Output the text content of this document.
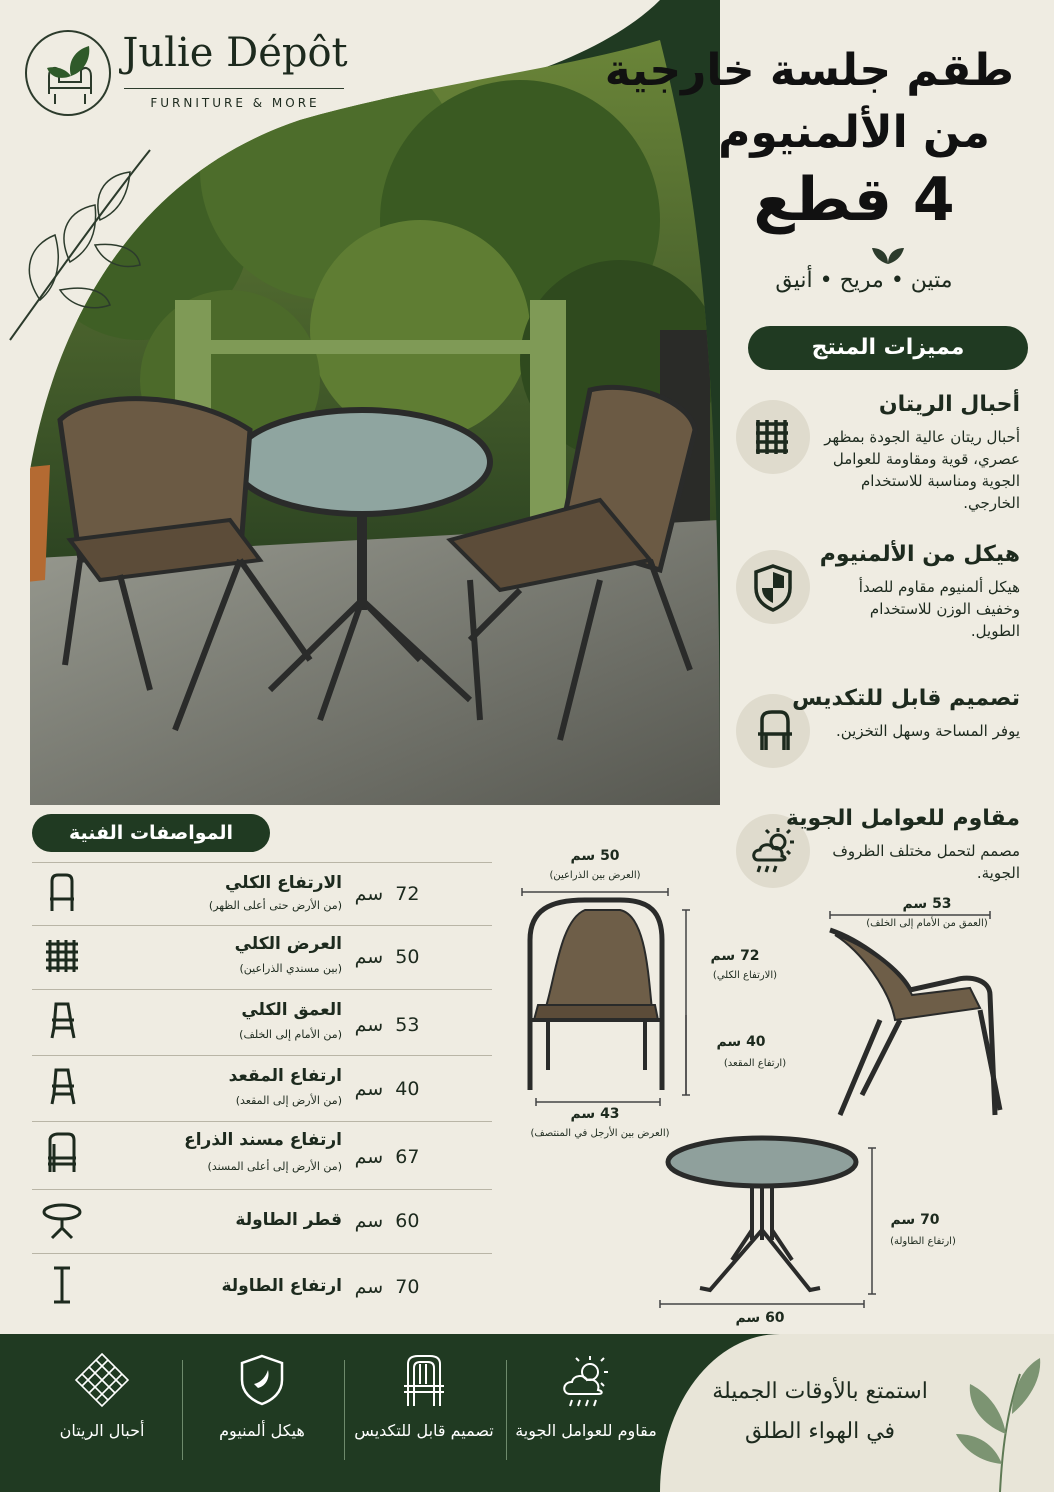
Julie Dépôt
FURNITURE & MORE
طقم جلسة خارجية
من الألمنيوم
4 قطع
متين • مريح • أنيق
مميزات المنتج
أحبال الريتان
أحبال ريتان عالية الجودة بمظهر عصري، قوية ومقاومة للعوامل الجوية ومناسبة للاستخدام الخارجي.
هيكل من الألمنيوم
هيكل ألمنيوم مقاوم للصدأ وخفيف الوزن للاستخدام الطويل.
تصميم قابل للتكديس
يوفر المساحة وسهل التخزين.
مقاوم للعوامل الجوية
مصمم لتحمل مختلف الظروف الجوية.
المواصفات الفنية
الارتفاع الكلي
(من الأرض حتى أعلى الظهر)
72  سم
العرض الكلي
(بين مسندي الذراعين)
50  سم
العمق الكلي
(من الأمام إلى الخلف)	53  سم
ارتفاع المقعد
(من الأرض إلى المقعد)
40  سم
ارتفاع مسند الذراع
(من الأرض إلى أعلى المسند)	67  سم
قطر الطاولة	60  سم
ارتفاع الطاولة	70  سم
50 سم
(العرض بين الذراعين)
72 سم
(الارتفاع الكلي)
40 سم
(ارتفاع المقعد)
43 سم
(العرض بين الأرجل في المنتصف)
53 سم
(العمق من الأمام إلى الخلف)
70 سم
(ارتفاع الطاولة)
60 سم
أحبال الريتان	هيكل ألمنيوم	تصميم قابل للتكديس	مقاوم للعوامل الجوية
استمتع بالأوقات الجميلة
في الهواء الطلق
